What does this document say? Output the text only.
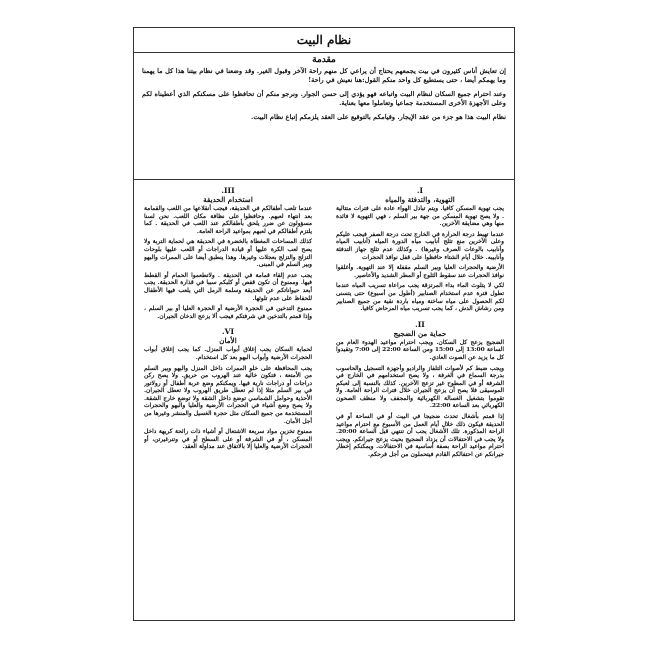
نظام البيت
مقدمة

إن تعايش أناس كثيرون في بيت يجمعهم يحتاج أن يراعي كل منهم راحة الآخر وقبول الغير. وقد وضعنا في نظام بيتنا هذا كل ما يهمنا وما يهمكم أيضا ، حتى يستطيع كل واحد منكم القول:هنا نعيش في راحة!

وعند احترام جميع السكان لنظام البيت واتباعه فهو يؤدي إلى حسن الجوار. ونرجو منكم أن تحافظوا على مسكنكم الذي أعطيناه لكم وعلى الأجهزة الأخرى المستخدمة جماعيا وتعاملوا معها بعناية.

نظام البيت هذا هو جزء من عقد الإيجار. وقيامكم بالتوقيع على العقد يلزمكم إتباع نظام البيت.

I.
التهوية، والتدفئة والمياه

يجب تهوية المسكن كافيا. ويتم تبادل الهواء عادة على فترات متتالية . ولا يصح تهوية المسكن من جهة بير السلم ، فهي التهوية لا فائدة منها وهي مضايقة الآخرين.

عندما تهبط درجة الحرارة في الخارج تحت درجة الصفر فيجب عليكم وعلى الآخرين منع تثلج أنابيب مياه الدورة المياه (أنابيب المياه وأنابيب بالوعات الصرف وغيرها) . وكذلك عدم تثلج جهاز التدفئة وأنابيبه. خلال أيام الشتاء حافظوا على قفل نوافذ الحجرات

الأرضية والحجرات العليا وبير السلم مقفلة إلا عند التهوية. وأغلقوا نوافذ الحجرات عند سقوط الثلوج أو المطر الشديد والأعاصير.

لكي لا يتلوث الماء بداء المرتزقة يجب مراعاة تسريب المياه عندما تطول فترة عدم استخدام الصنابير (أطول من أسبوع) حتى يتسنى لكم الحصول على مياه ساخنة ومياه باردة نقية من جميع الصنابير ومن رشاش الدش ، كما يجب تسريب مياه المرحاض كافيا.

II.
حماية من الضجيج

الضجيج يزعج كل السكان. ويجب احترام مواعيد الهدوء العام من الساعة 13:00 إلى 15:00 ومن الساعة 22:00 إلى 7:00 وتقيدوا كل ما يزيد عن الصوت العادي.

ويجب ضبط كم لأصوات التلفاز والراديو وأجهزة التسجيل والحاسوب بدرجة السماع في الغرفة ، ولا يصح استخدامهم في الخارج في الشرفة أو في المطوح غير تزعج الآخرين. كذلك بالنسبة إلى لعبكم الموسيقى فلا يصح أن يزعج الجيران خلال فترات الراحة العامة. ولا تقوموا بتشغيل الغسالة الكهربائية والمجفف ولا منظف الصحون الكهربائي بعد الساعة 22:00.

إذا قمتم بأشغال تحدث ضجيجا في البيت أو في الساحة أو في الحديقة فيكون ذلك خلال أيام العمل من الأسبوع مع احترام مواعيد الراحة المذكورة. تلك الأشغال يجب أن تنتهي قبل الساعة 20:00. ولا يجب في الاحتفالات أن يزداد الضجيج بحيث يزعج جيرانكم. ويجب احترام مواعيد الراحة بصفة أساسية في الاحتفالات. ويمكنكم إخطار جيرانكم عن احتفالكم القادم فيتحملون من أجل فرحكم.

III.
استخدام الحديقة

عندما تلعب أطفالكم في الحديقة، فيجب أنقلاعها من اللعب والقمامة بعد انتهاء لعبهم. وحافظوا على نظافة مكان اللعب. نحن لسنا مسؤولون عن ضرر يلحق بأطفالكم عند اللعب في الحديقة . كما يلتزم أطفالكم في لعبهم بمواعيد الراحة العامة.

كذلك المساحات المغطاة بالخضرة في الحديقة هي لحماية التربة ولا يصح لعب الكرة عليها أو قيادة الدراجات أو اللعب عليها بلوحات التزلج والتزلج بعجلات وغيرها. وهذا ينطبق أيضا على الممرات والبهو وبير السلم في المبنى.

يجب عدم إلقاء قمامة في الحديقة . ولاتطعموا الحمام أو القطط فيها. وممنوع أن تكون قفص أو كلبكم سببا في قذارة الحديقة. يجب أبعد حيواناتكم عن الحديقة وسلمة الرمل التي يلعب فيها الأطفال للحفاظ على عدم تلوثها.

ممنوع التدخين في الحجرة الأرضية أو الحجرة العليا أو بير السلم ، وإذا قمتم بالتدخين في شرفتكم فيجب ألا يزعج الدخان الجيران.

VI.
الأمان

لحماية السكان يجب إغلاق أبواب المنزل. كما يجب إغلاق أبواب الحجرات الأرضية وأبواب البهو بعد كل استخدام.

يجب المحافظة على خلو الممرات داخل المنزل والبهو وبير السلم من الأمتعة ، فتكون خالية عند الهروب من حريق. ولا يصح ركن دراجات أو دراجات نارية فيها. ويمكنكم وضع عربة أطفال أو رولاتور في بير السلم مثلا إذا لم تعطل طريق الهروب ولا تعطل الجيران. الأحذية وحوامل الشماسي توضع داخل الشقة ولا توضع خارج الشقة. ولا يصح وضع أشياء في الحجرات الأرضية والعليا والبهو والحجرات المستخدمة من جميع السكان مثل حجرة الغسيل والمنشر وغيرها من أجل الأمان.

ممنوع تخزين مواد سريعة الاشتعال أو أشياء ذات رائحة كريهة داخل المسكن ، أو في الشرفة أو على السطح أو في وتنرغيرتن، أو الحجرات الأرضية والعليا إلا بالاتفاق عند مداولة العقد.
